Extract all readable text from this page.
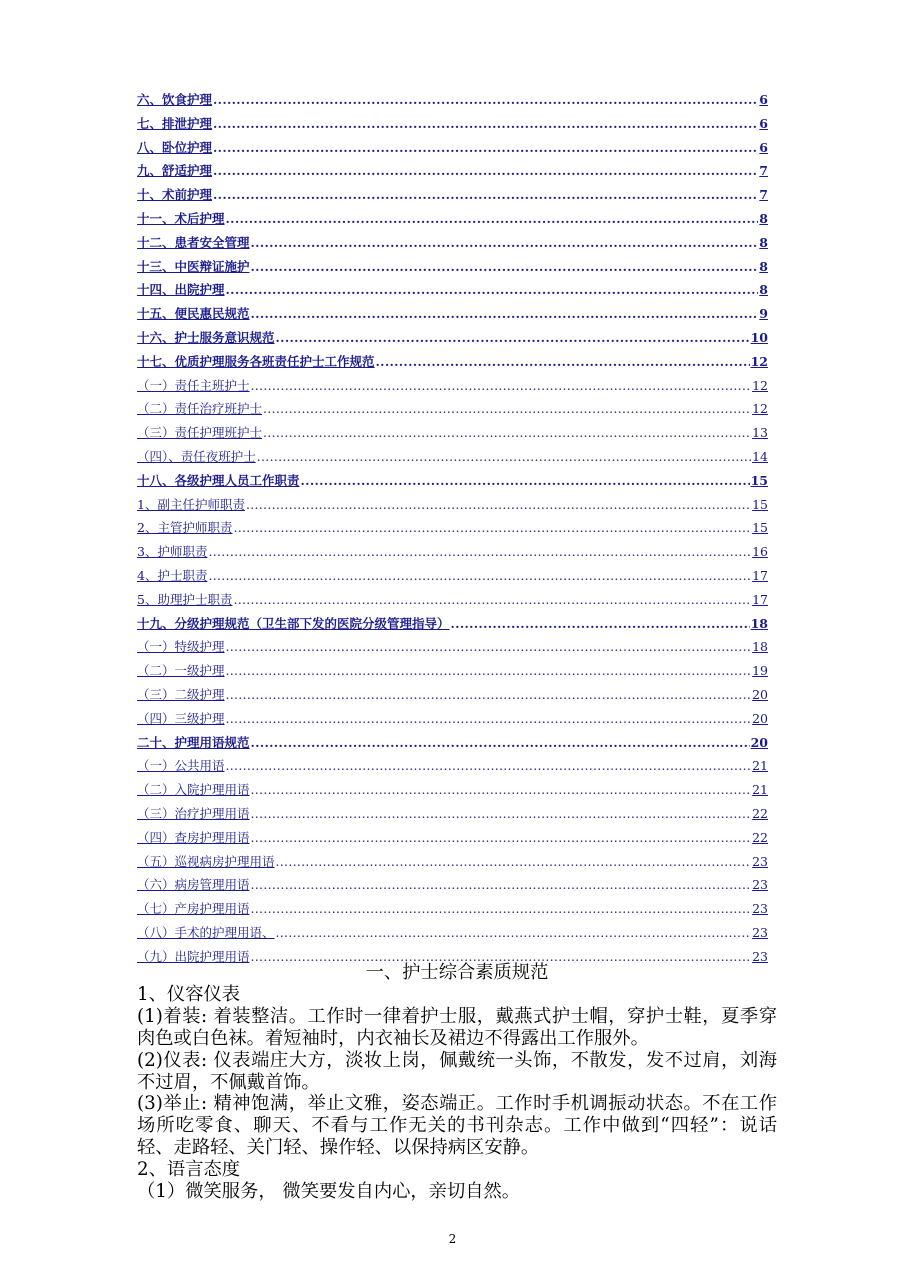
六、饮食护理 .....	6
七、排泄护理 .....	6
八、卧位护理 .....	6
九、舒适护理 .....	7
十、术前护理 .....	7
十一、术后护理 .....	8
十二、患者安全管理 .....	8
十三、中医辩证施护 .....	8
十四、出院护理 .....	8
十五、便民惠民规范 .....	9
十六、护士服务意识规范 .....	10
十七、优质护理服务各班责任护士工作规范 .....	12
（一）责任主班护士 .....	12
（二）责任治疗班护士 .....	12
（三）责任护理班护士 .....	13
（四）、责任夜班护士 .....	14
十八、各级护理人员工作职责 .....	15
1、副主任护师职责 .....	15
2、主管护师职责 .....	15
3、护师职责 .....	16
4、护士职责 .....	17
5、助理护士职责 .....	17
十九、分级护理规范（卫生部下发的医院分级管理指导） .....	18
（一）特级护理 .....	18
（二）一级护理 .....	19
（三）二级护理 .....	20
（四）三级护理 .....	20
二十、护理用语规范 .....	20
（一）公共用语 .....	21
（二）入院护理用语 .....	21
（三）治疗护理用语 .....	22
（四）查房护理用语 .....	22
（五）巡视病房护理用语 .....	23
（六）病房管理用语 .....	23
（七）产房护理用语 .....	23
（八）手术的护理用语、 .....	23
（九）出院护理用语 .....	23
一、护士综合素质规范

1、仪容仪表

(1)着装: 着装整洁。工作时一律着护士服，戴燕式护士帽，穿护士鞋，夏季穿肉色或白色袜。着短袖时，内衣袖长及裙边不得露出工作服外。

(2)仪表: 仪表端庄大方，淡妆上岗，佩戴统一头饰，不散发，发不过肩，刘海不过眉，不佩戴首饰。

(3)举止: 精神饱满，举止文雅，姿态端正。工作时手机调振动状态。不在工作场所吃零食、聊天、不看与工作无关的书刊杂志。工作中做到“四轻”：说话轻、走路轻、关门轻、操作轻、以保持病区安静。

2、语言态度

（1）微笑服务， 微笑要发自内心，亲切自然。

2
